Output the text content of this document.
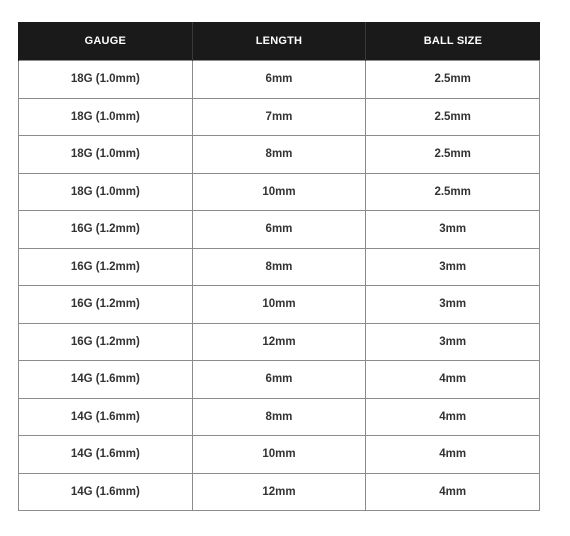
GAUGE	LENGTH	BALL SIZE
18G (1.0mm)	6mm	2.5mm
18G (1.0mm)	7mm	2.5mm
18G (1.0mm)	8mm	2.5mm
18G (1.0mm)	10mm	2.5mm
16G (1.2mm)	6mm	3mm
16G (1.2mm)	8mm	3mm
16G (1.2mm)	10mm	3mm
16G (1.2mm)	12mm	3mm
14G (1.6mm)	6mm	4mm
14G (1.6mm)	8mm	4mm
14G (1.6mm)	10mm	4mm
14G (1.6mm)	12mm	4mm
